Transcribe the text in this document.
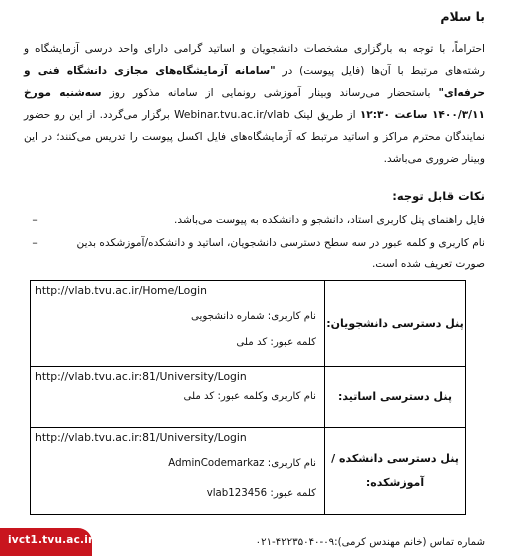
با سلام
احتراماً، با توجه به بارگزاری مشخصات دانشجویان و اساتید گرامی دارای واحد درسی آزمایشگاه و رشته‌های مرتبط با آن‌ها (فایل پیوست) در "سامانه آزمایشگاه‌های مجازی دانشگاه فنی و حرفه‌ای" باستحضار می‌رساند وبینار آموزشی رونمایی از سامانه مذکور روز سه‌شنبه مورخ ۱۴۰۰/۳/۱۱ ساعت ۱۲:۳۰ از طریق لینک Webinar.tvu.ac.ir/vlab برگزار می‌گردد. از این رو حضور نمایندگان محترم مراکز و اساتید مرتبط که آزمایشگاه‌های فایل اکسل پیوست را تدریس می‌کنند؛ در این وبینار ضروری می‌باشد.
نکات قابل توجه:
–	فایل راهنمای پنل کاربری استاد، دانشجو و دانشکده به پیوست می‌باشد.
–	نام کاربری و کلمه عبور در سه سطح دسترسی دانشجویان، اساتید و دانشکده/آموزشکده بدین صورت تعریف شده است.
http://vlab.tvu.ac.ir/Home/Login
نام کاربری: شماره دانشجویی
کلمه عبور: کد ملی	پنل دسترسی دانشجویان:

http://vlab.tvu.ac.ir:81/University/Login
نام کاربری وکلمه عبور: کد ملی	پنل دسترسی اساتید:

http://vlab.tvu.ac.ir:81/University/Login
نام کاربری: AdminCodemarkaz
کلمه عبور: vlab123456	پنل دسترسی دانشکده / آموزشکده:
شماره تماس (خانم مهندس کرمی):۰۹-۴۲۲۳۵۰۴۰-۰۲۱
ivct1.tvu.ac.ir
